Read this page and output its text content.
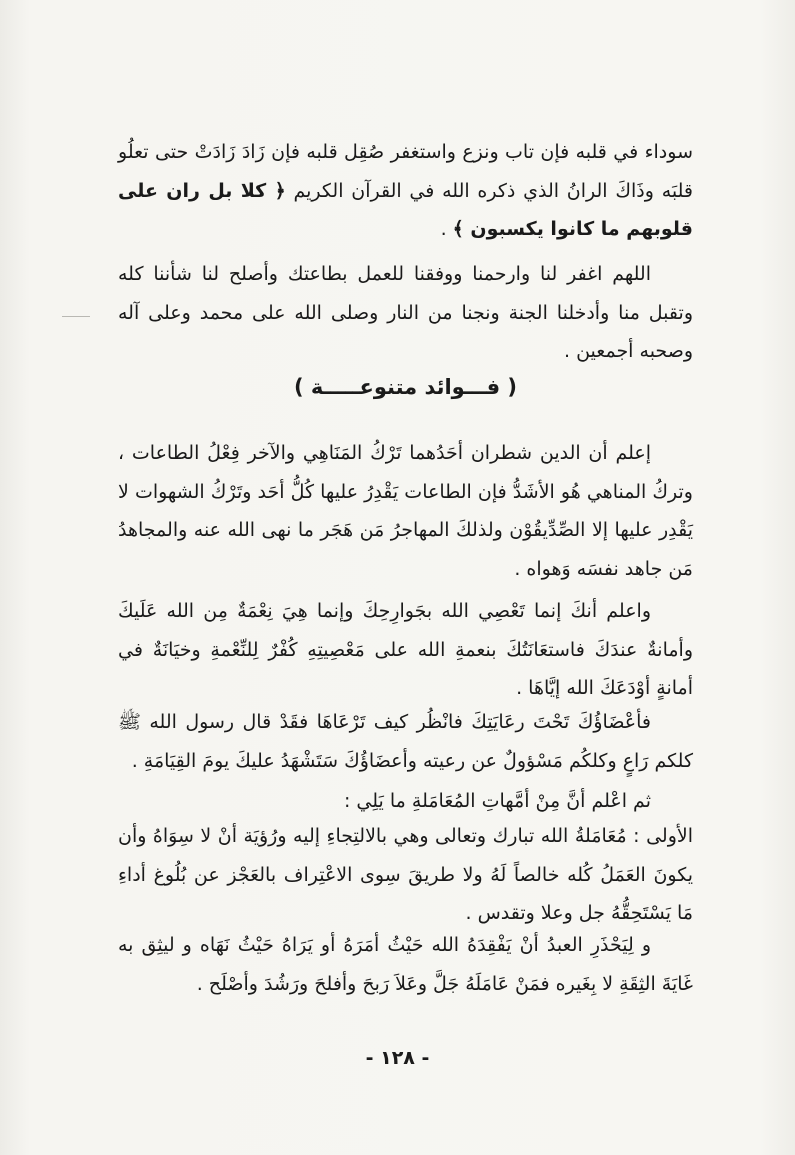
سوداء في قلبه فإن تاب ونزع واستغفر صُقِل قلبه فإن زَادَ زَادَتْ حتى تعلُو قلبَه وذَاكَ الرانُ الذي ذكره الله في القرآن الكريم ﴿ كلا بل ران على قلوبهم ما كانوا يكسبون ﴾ .

اللهم اغفر لنا وارحمنا ووفقنا للعمل بطاعتك وأصلح لنا شأننا كله وتقبل منا وأدخلنا الجنة ونجنا من النار وصلى الله على محمد وعلى آله وصحبه أجمعين .

( فـــوائد متنوعـــــة )

إعلم أن الدين شطران أحَدُهما تَرْكُ المَنَاهِي والآخر فِعْلُ الطاعات ، وتركُ المناهي هُو الأشَدُّ فإن الطاعات يَقْدِرُ عليها كُلُّ أحَد وتَرْكُ الشهوات لا يَقْدِر عليها إلا الصِّدِّيقُوْن ولذلكَ المهاجرُ مَن هَجَر ما نهى الله عنه والمجاهدُ مَن جاهد نفسَه وَهواه .

واعلم أنكَ إنما تَعْصِي الله بجَوارِحِكَ وإنما هِيَ نِعْمَةٌ مِن الله عَلَيكَ وأمانةٌ عندَكَ فاستعَانَتُكَ بنعمةِ الله على مَعْصِيتِهِ كُفْرٌ لِلنِّعْمةِ وخيَانَةٌ في أمانةٍ أوْدَعَكَ الله إيَّاهَا .

فأعْضَاؤُكَ تَحْتَ رعَايَتِكَ فانْظُر كيف تَرْعَاهَا فقَدْ قال رسول الله ﷺ كلكم رَاعٍ وكلكُم مَسْؤولٌ عن رعيته وأعضَاؤُكَ سَتَشْهَدُ عليكَ يومَ القِيَامَةِ .

ثم اعْلم أنَّ مِنْ أمَّهاتِ المُعَامَلةِ ما يَلِي :

الأولى : مُعَامَلةُ الله تبارك وتعالى وهي بالالتِجاءِ إليه ورُؤيَة أنْ لا سِوَاهُ وأن يكونَ العَمَلُ كُله خالصاً لَهُ ولا طريقَ سِوى الاعْتِراف بالعَجْز عن بُلُوغ أداءِ مَا يَسْتَحِقُّهُ جل وعلا وتقدس .

و لِيَحْذَرِ العبدُ أنْ يَفْقِدَهُ الله حَيْثُ أمَرَهُ أو يَرَاهُ حَيْثُ نَهَاه و ليثِق به غَايَةَ الثِقَةِ لا بِغَيره فمَنْ عَامَلَهُ جَلَّ وعَلاَ رَبحَ وأفلحَ ورَشُدَ وأصْلَح .

- ١٢٨ -
